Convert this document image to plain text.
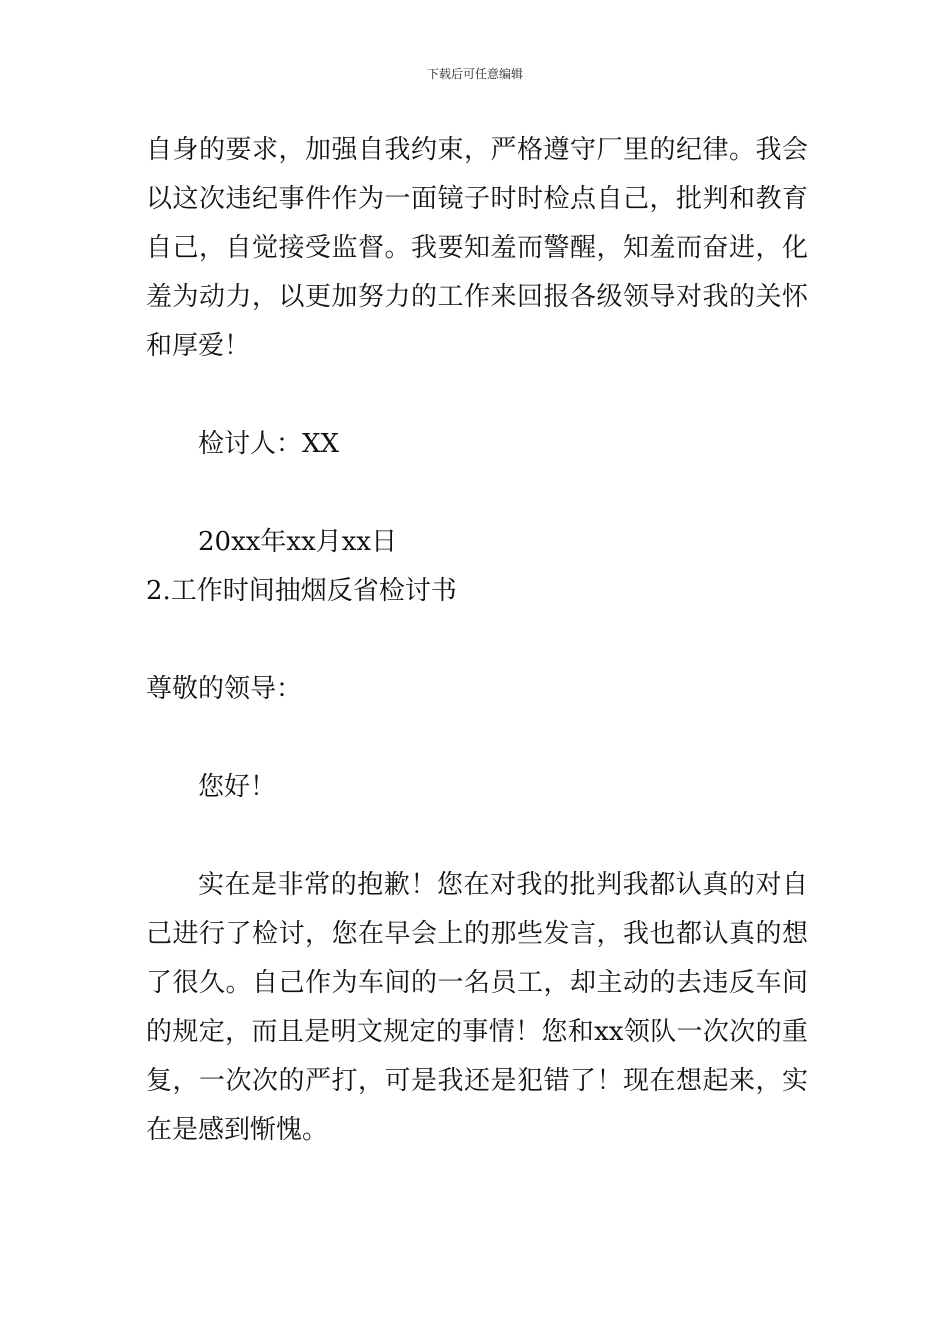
下载后可任意编辑

自身的要求，加强自我约束，严格遵守厂里的纪律。我会以这次违纪事件作为一面镜子时时检点自己，批判和教育自己，自觉接受监督。我要知羞而警醒，知羞而奋进，化羞为动力，以更加努力的工作来回报各级领导对我的关怀和厚爱！

检讨人：XX

20xx年xx月xx日

2.工作时间抽烟反省检讨书

尊敬的领导：

您好！

实在是非常的抱歉！您在对我的批判我都认真的对自己进行了检讨，您在早会上的那些发言，我也都认真的想了很久。自己作为车间的一名员工，却主动的去违反车间的规定，而且是明文规定的事情！您和xx领队一次次的重复，一次次的严打，可是我还是犯错了！现在想起来，实在是感到惭愧。
